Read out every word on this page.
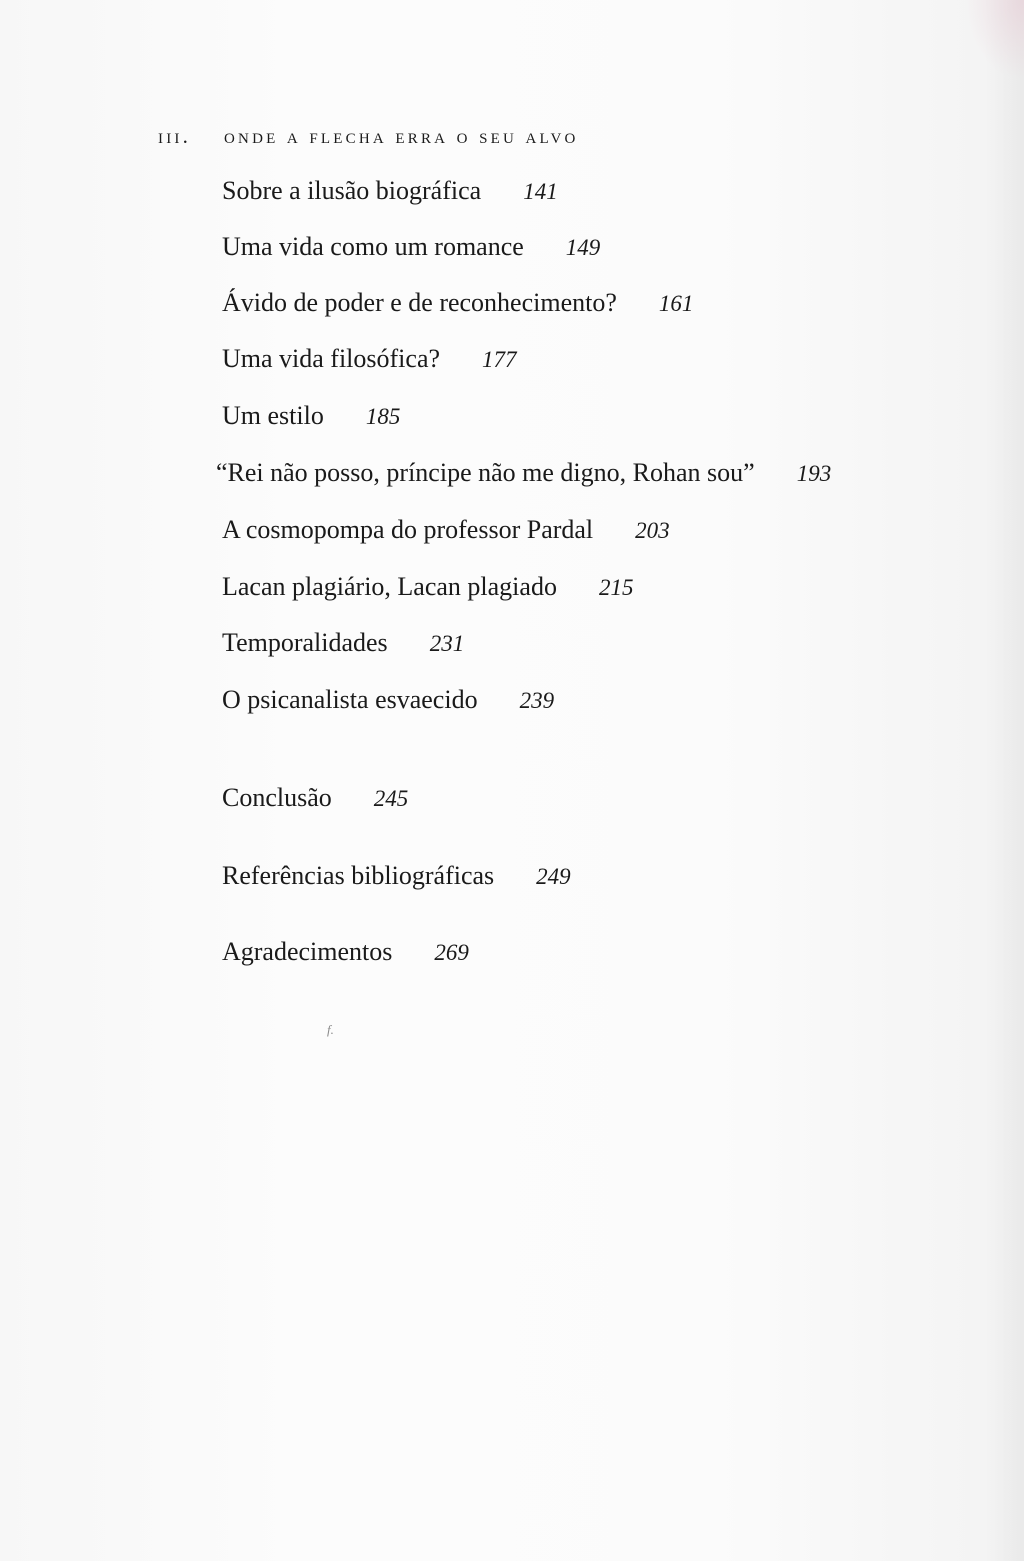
iii. onde a flecha erra o seu alvo
Sobre a ilusão biográfica 141
Uma vida como um romance 149
Ávido de poder e de reconhecimento? 161
Uma vida filosófica? 177
Um estilo 185
“Rei não posso, príncipe não me digno, Rohan sou” 193
A cosmopompa do professor Pardal 203
Lacan plagiário, Lacan plagiado 215
Temporalidades 231
O psicanalista esvaecido 239
Conclusão 245
Referências bibliográficas 249
Agradecimentos 269
f.
